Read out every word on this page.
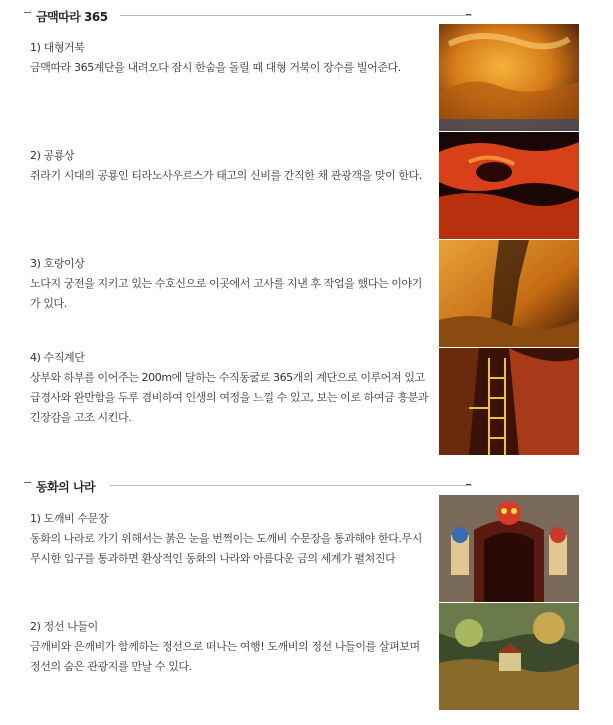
금맥따라 365
1) 대형거북
금맥따라 365계단을 내려오다 잠시 한숨을 돌릴 때 대형 거북이 장수를 빌어준다.
2) 공룡상
쥐라기 시대의 공룡인 티라노사우르스가 태고의 신비를 간직한 채 관광객을 맞이 한다.
3) 호랑이상
노다지 궁전을 지키고 있는 수호신으로 이곳에서 고사를 지낸 후 작업을 했다는 이야기가 있다.
4) 수직계단
상부와 하부를 이어주는 200m에 달하는 수직동굴로 365개의 계단으로 이루어져 있고 급경사와 완만함을 두루 겸비하여 인생의 여정을 느낄 수 있고, 보는 이로 하여금 흥분과 긴장감을 고조 시킨다.
동화의 나라
1) 도깨비 수문장
동화의 나라로 가기 위해서는 붉은 눈을 번쩍이는 도깨비 수문장을 통과해야 한다.무시무시한 입구를 통과하면 환상적인 동화의 나라와 아름다운 금의 세계가 펼쳐진다
2) 정선 나들이
금깨비와 은깨비가 함께하는 정선으로 떠나는 여행! 도깨비의 정선 나들이를 살펴보며 정선의 숨은 관광지를 만날 수 있다.
